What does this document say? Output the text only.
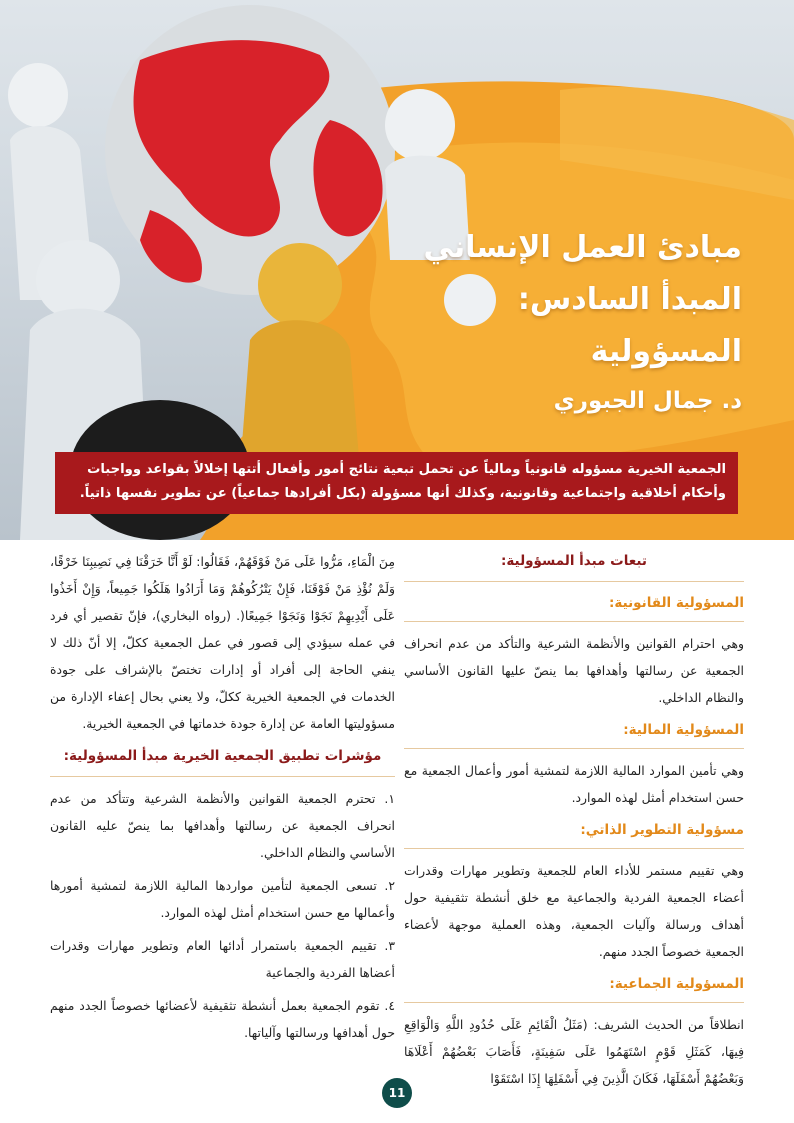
مبادئ العمل الإنساني
المبدأ السادس:
المسؤولية
د. جمال الجبوري

الجمعية الخيرية مسؤوله قانونياً ومالياً عن تحمل تبعية نتائج أمور وأفعال أتتها إخلالاً بقواعد وواجبات

وأحكام أخلاقية واجتماعية وقانونية، وكذلك أنها مسؤولة (بكل أفرادها جماعياً) عن تطوير نفسها ذاتياً.

تبعات مبدأ المسؤولية:
المسؤولية القانونية:

وهي احترام القوانين والأنظمة الشرعية والتأكد من عدم انحراف الجمعية عن رسالتها وأهدافها بما ينصّ عليها القانون الأساسي والنظام الداخلي.

المسؤولية المالية:

وهي تأمين الموارد المالية اللازمة لتمشية أمور وأعمال الجمعية مع حسن استخدام أمثل لهذه الموارد.

مسؤولية التطوير الذاتي:

وهي تقييم مستمر للأداء العام للجمعية وتطوير مهارات وقدرات أعضاء الجمعية الفردية والجماعية مع خلق أنشطة تثقيفية حول أهداف ورسالة وآليات الجمعية، وهذه العملية موجهة لأعضاء الجمعية خصوصاً الجدد منهم.

المسؤولية الجماعية:

انطلاقاً من الحديث الشريف: (مَثَلُ الْقَائِمِ عَلَى حُدُودِ اللَّهِ وَالْوَاقِعِ فِيهَا، كَمَثَلِ قَوْمٍ اسْتَهَمُوا عَلَى سَفِينَةٍ، فَأَصَابَ بَعْضُهُمْ أَعْلَاهَا وَبَعْضُهُمْ أَسْفَلَهَا، فَكَانَ الَّذِينَ فِي أَسْفَلِهَا إِذَا اسْتَقَوْا

مِنَ الْمَاءِ، مَرُّوا عَلَى مَنْ فَوْقَهُمْ، فَقَالُوا: لَوْ أَنَّا خَرَقْنَا فِي نَصِيبِنَا خَرْقًا، وَلَمْ نُؤْذِ مَنْ فَوْقَنَا، فَإِنْ يَتْرُكُوهُمْ وَمَا أَرَادُوا هَلَكُوا جَمِيعاً، وَإِنْ أَخَذُوا عَلَى أَيْدِيهِمْ نَجَوْا وَنَجَوْا جَمِيعًا(. (رواه البخاري)، فإنّ تقصير أي فرد في عمله سيؤدي إلى قصور في عمل الجمعية ككلّ، إلا أنّ ذلك لا ينفي الحاجة إلى أفراد أو إدارات تختصّ بالإشراف على جودة الخدمات في الجمعية الخيرية ككلّ، ولا يعني بحال إعفاء الإدارة من مسؤوليتها العامة عن إدارة جودة خدماتها في الجمعية الخيرية.

مؤشرات تطبيق الجمعية الخيرية مبدأ المسؤولية:

١. تحترم الجمعية القوانين والأنظمة الشرعية وتتأكد من عدم انحراف الجمعية عن رسالتها وأهدافها بما ينصّ عليه القانون الأساسي والنظام الداخلي.

٢. تسعى الجمعية لتأمين مواردها المالية اللازمة لتمشية أمورها وأعمالها مع حسن استخدام أمثل لهذه الموارد.

٣. تقييم الجمعية باستمرار أدائها العام وتطوير مهارات وقدرات أعضاها الفردية والجماعية

٤. تقوم الجمعية بعمل أنشطة تثقيفية لأعضائها خصوصاً الجدد منهم حول أهدافها ورسالتها وآلياتها.

11
